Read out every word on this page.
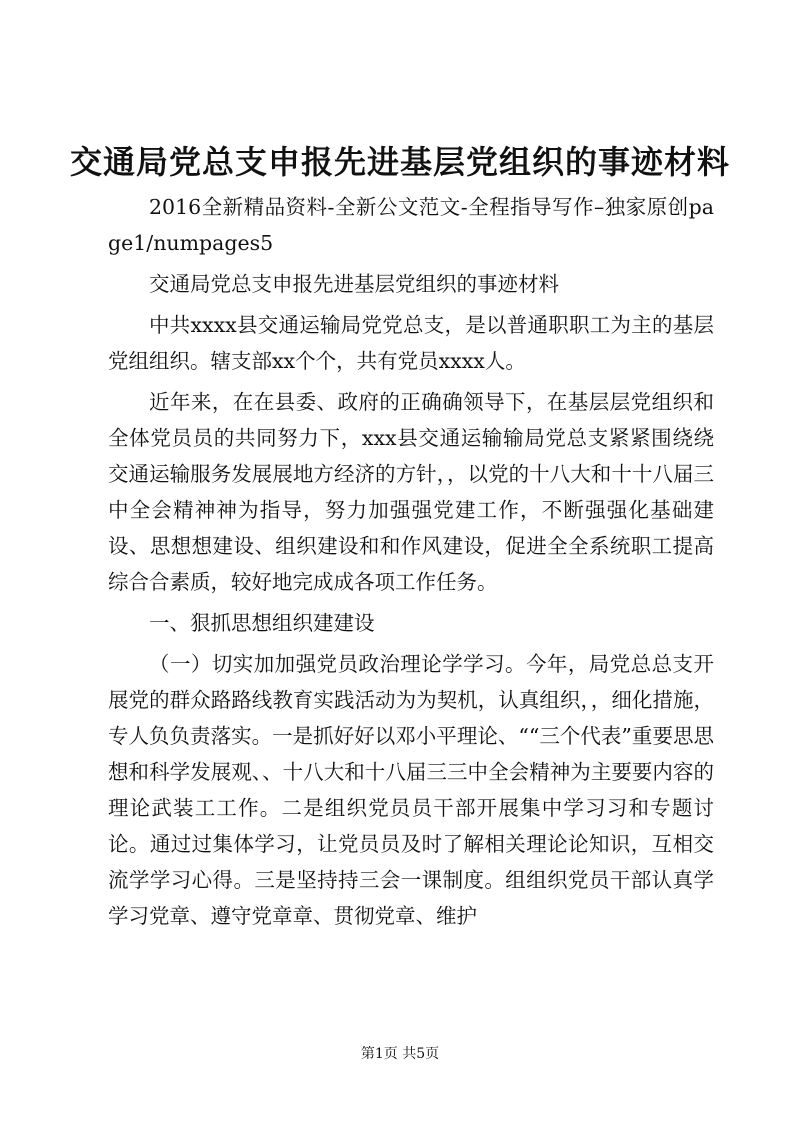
交通局党总支申报先进基层党组织的事迹材料

2016全新精品资料-全新公文范文-全程指导写作–独家原创page1/numpages5

交通局党总支申报先进基层党组织的事迹材料

中共xxxx县交通运输局党党总支，是以普通职职工为主的基层党组组织。辖支部xx个个，共有党员xxxx人。

近年来，在在县委、政府的正确确领导下，在基层层党组织和全体党员员的共同努力下，xxx县交通运输输局党总支紧紧围绕绕交通运输服务发展展地方经济的方针，，以党的十八大和十十八届三中全会精神神为指导，努力加强强党建工作，不断强强化基础建设、思想想建设、组织建设和和作风建设，促进全全系统职工提高综合合素质，较好地完成成各项工作任务。

一、狠抓思想组织建建设

（一）切实加加强党员政治理论学学习。今年，局党总总支开展党的群众路路线教育实践活动为为契机，认真组织，，细化措施，专人负负责落实。一是抓好好以邓小平理论、““三个代表”重要思思想和科学发展观、、十八大和十八届三三中全会精神为主要要内容的理论武装工工作。二是组织党员员干部开展集中学习习和专题讨论。通过过集体学习，让党员员及时了解相关理论论知识，互相交流学学习心得。三是坚持持三会一课制度。组组织党员干部认真学学习党章、遵守党章章、贯彻党章、维护

第1页 共5页
